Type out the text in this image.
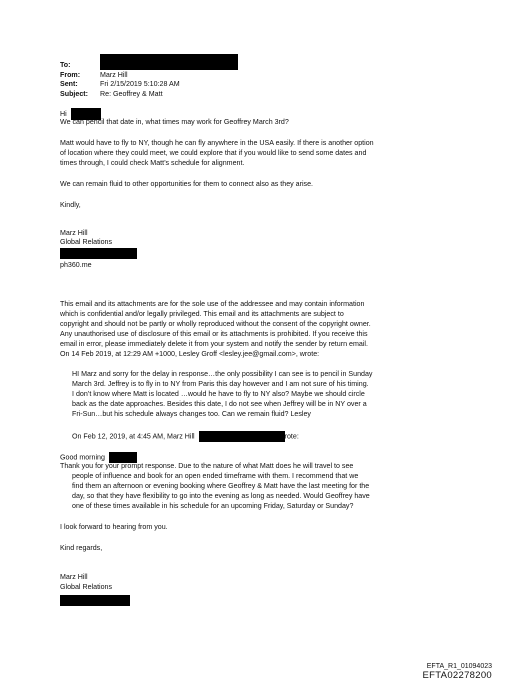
To:
From:	Marz Hill
Sent:	Fri 2/15/2019 5:10:28 AM
Subject:	Re: Geoffrey & Matt
Hi

We can pencil that date in, what times may work for Geoffrey March 3rd?

Matt would have to fly to NY, though he can fly anywhere in the USA easily. If there is another option

of location where they could meet, we could explore that if you would like to send some dates and

times through, I could check Matt’s schedule for alignment.

We can remain fluid to other opportunities for them to connect also as they arise.

Kindly,

Marz Hill

Global Relations

ph360.me

This email and its attachments are for the sole use of the addressee and may contain information

which is confidential and/or legally privileged. This email and its attachments are subject to

copyright and should not be partly or wholly reproduced without the consent of the copyright owner.

Any unauthorised use of disclosure of this email or its attachments is prohibited. If you receive this

email in error, please immediately delete it from your system and notify the sender by return email.

On 14 Feb 2019, at 12:29 AM +1000, Lesley Groff <lesley.jee@gmail.com>, wrote:

HI Marz and sorry for the delay in response…the only possibility I can see is to pencil in Sunday

March 3rd. Jeffrey is to fly in to NY from Paris this day however and I am not sure of his timing.

I don’t know where Matt is located …would he have to fly to NY also? Maybe we should circle

back as the date approaches. Besides this date, I do not see when Jeffrey will be in NY over a

Fri-Sun…but his schedule always changes too. Can we remain fluid? Lesley

On Feb 12, 2019, at 4:45 AM, Marz Hill	rote:
Good morning

Thank you for your prompt response. Due to the nature of what Matt does he will travel to see

people of influence and book for an open ended timeframe with them. I recommend that we

find them an afternoon or evening booking where Geoffrey & Matt have the last meeting for the

day, so that they have flexibility to go into the evening as long as needed. Would Geoffrey have

one of these times available in his schedule for an upcoming Friday, Saturday or Sunday?

I look forward to hearing from you.

Kind regards,

Marz Hill

Global Relations

EFTA_R1_01094023
EFTA02278200
